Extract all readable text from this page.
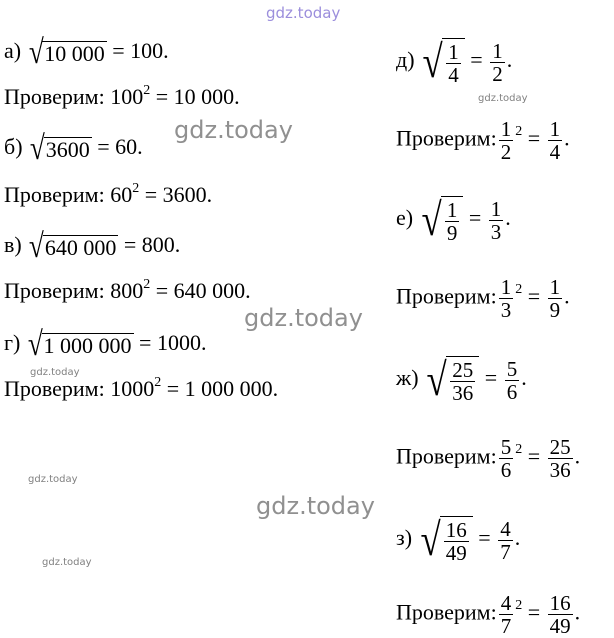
gdz.today
gdz.today
gdz.today
gdz.today
gdz.today
gdz.today
gdz.today
gdz.today
а) √10 000 = 100.
Проверим: $100^2 = 10$ 000.
б) √3600 = 60.
Проверим: $60^2 = 3600$.
в) √640 000 = 800.
Проверим: $800^2 = 640$ 000.
г) √1 000 000 = 1000.
Проверим: $1000^2 = 1$ 000 000.
д) √ $\frac{1}{4} = \frac{1}{2}$ .
Проверим: $\frac{1}{2} ^2 = \frac{1}{4}$ .
е) √ $\frac{1}{9} = \frac{1}{3}$ .
Проверим: $\frac{1}{3} ^2 = \frac{1}{9}$ .
ж) √ $\frac{25}{36} = \frac{5}{6}$ .
Проверим: $\frac{5}{6} ^2 = \frac{25}{36}$ .
з) √ $\frac{16}{49} = \frac{4}{7}$ .
Проверим: $\frac{4}{7} ^2 = \frac{16}{49}$ .
